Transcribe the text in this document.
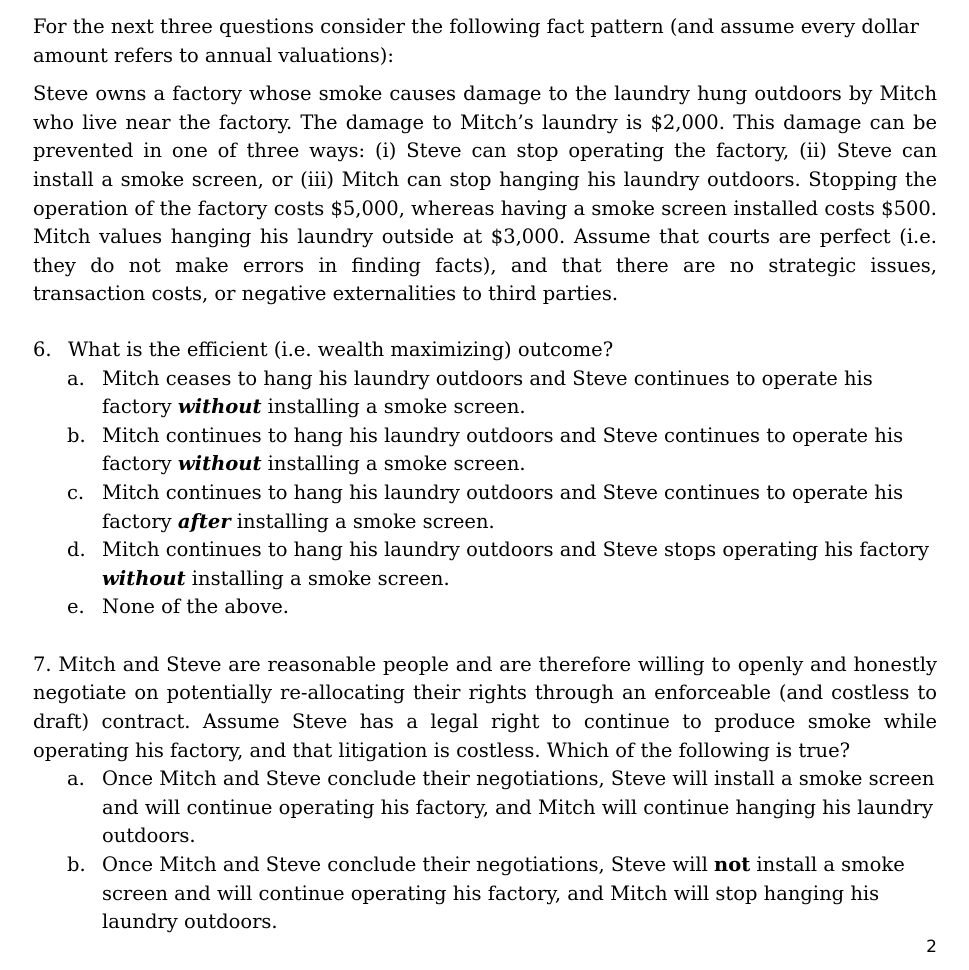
For the next three questions consider the following fact pattern (and assume every dollar amount refers to annual valuations):

Steve owns a factory whose smoke causes damage to the laundry hung outdoors by Mitch who live near the factory. The damage to Mitch’s laundry is $2,000. This damage can be prevented in one of three ways: (i) Steve can stop operating the factory, (ii) Steve can install a smoke screen, or (iii) Mitch can stop hanging his laundry outdoors. Stopping the operation of the factory costs $5,000, whereas having a smoke screen installed costs $500. Mitch values hanging his laundry outside at $3,000. Assume that courts are perfect (i.e. they do not make errors in finding facts), and that there are no strategic issues, transaction costs, or negative externalities to third parties.

6. What is the efficient (i.e. wealth maximizing) outcome?

a. Mitch ceases to hang his laundry outdoors and Steve continues to operate his factory without installing a smoke screen.
b. Mitch continues to hang his laundry outdoors and Steve continues to operate his factory without installing a smoke screen.
c. Mitch continues to hang his laundry outdoors and Steve continues to operate his factory after installing a smoke screen.
d. Mitch continues to hang his laundry outdoors and Steve stops operating his factory without installing a smoke screen.
e. None of the above.

7. Mitch and Steve are reasonable people and are therefore willing to openly and honestly negotiate on potentially re-allocating their rights through an enforceable (and costless to draft) contract. Assume Steve has a legal right to continue to produce smoke while operating his factory, and that litigation is costless. Which of the following is true?

a. Once Mitch and Steve conclude their negotiations, Steve will install a smoke screen and will continue operating his factory, and Mitch will continue hanging his laundry outdoors.
b. Once Mitch and Steve conclude their negotiations, Steve will not install a smoke screen and will continue operating his factory, and Mitch will stop hanging his laundry outdoors.
2
